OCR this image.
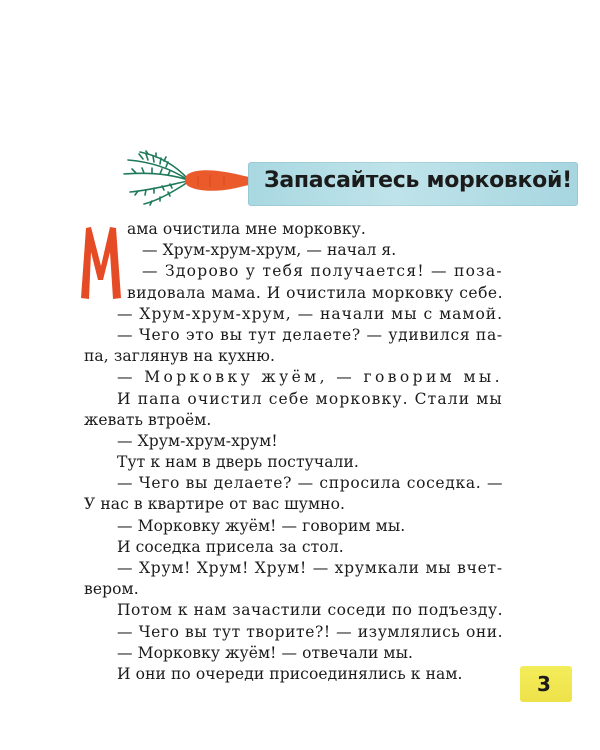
Запасайтесь морковкой!
ама очистила мне морковку.
— Хрум-хрум-хрум, — начал я.
— Здорово у тебя получается! — поза-
видовала мама. И очистила морковку себе.
— Хрум-хрум-хрум, — начали мы с мамой.
— Чего это вы тут делаете? — удивился па-
па, заглянув на кухню.
— Морковку жуём, — говорим мы.
И папа очистил себе морковку. Стали мы
жевать втроём.
— Хрум-хрум-хрум!
Тут к нам в дверь постучали.
— Чего вы делаете? — спросила соседка. —
У нас в квартире от вас шумно.
— Морковку жуём! — говорим мы.
И соседка присела за стол.
— Хрум! Хрум! Хрум! — хрумкали мы вчет-
вером.
Потом к нам зачастили соседи по подъезду.
— Чего вы тут творите?! — изумлялись они.
— Морковку жуём! — отвечали мы.
И они по очереди присоединялись к нам.	3
